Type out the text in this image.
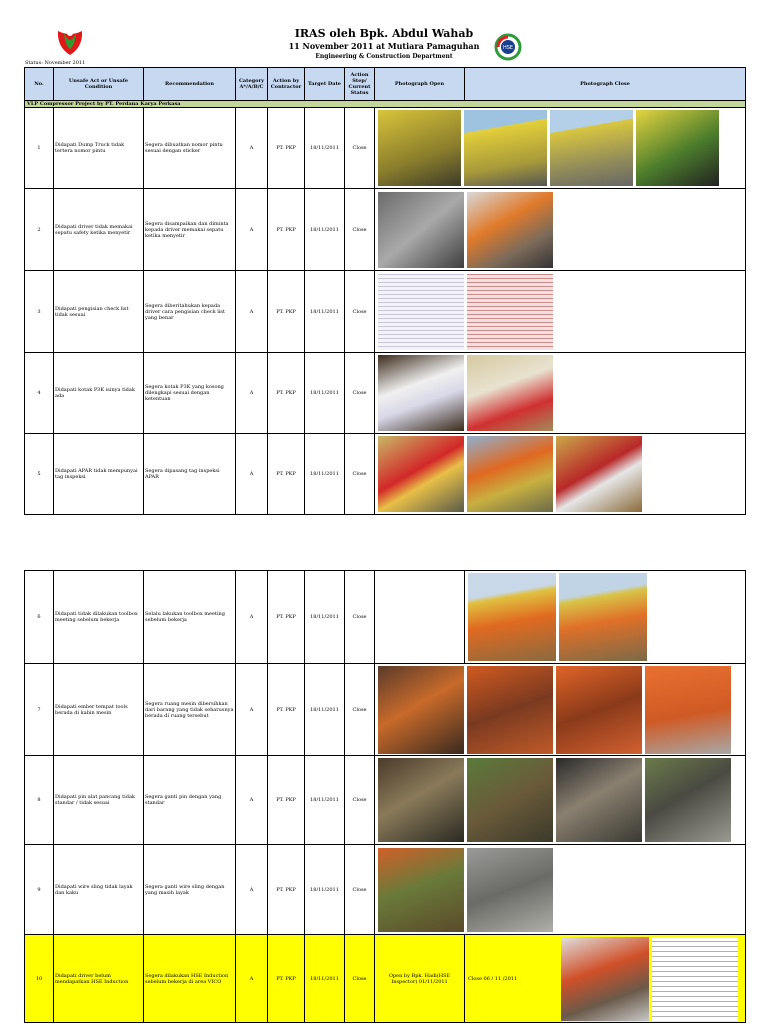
IRAS oleh Bpk. Abdul Wahab
11 November 2011 at Mutiara Pamaguhan
Engineering & Construction Department
HSE
Status: November 2011
No.	Unsafe Act or Unsafe Condition	Recommendation	Category A*/A/B/C	Action by Contractor	Target Date	Action Step/ Current Status	Photograph Open	Photograph Close
VLP Compressor Project by PT. Perdana Karya Perkasa								
1	Didapati Dump Truck tidak tertera nomor pintu	Segera dibuatkan nomor pintu sesuai dengan sticker	A	PT. PKP	18/11/2011	Close		

2	Didapati driver tidak memakai sepatu safety ketika menyetir	Segera disampaikan dan diminta kepada driver memakai sepatu ketika menyetir	A	PT. PKP	18/11/2011	Close		

3	Didapati pengisian check list tidak sesuai	Segera diberitahukan kepada driver cara pengisian check list yang benar	A	PT. PKP	18/11/2011	Close		

4	Didapati kotak P3K isinya tidak ada	Segera kotak P3K yang kosong dilengkapi sesuai dengan ketentuan	A	PT. PKP	18/11/2011	Close		

5	Didapati APAR tidak mempunyai tag inspeksi	Segera dipasang tag inspeksi APAR	A	PT. PKP	18/11/2011	Close		
6	Didapati tidak dilakukan toolbox meeting sebelum bekerja	Selalu lakukan toolbox meeting sebelum bekerja	A	PT. PKP	18/11/2011	Close		

7	Didapati ember tempat tools berada di kabin mesin	Segera ruang mesin dibersihkan dari barang yang tidak seharusnya berada di ruang tersebut	A	PT. PKP	18/11/2011	Close		

8	Didapati pin alat pancang tidak standar / tidak sesuai	Segera ganti pin dengan yang standar	A	PT. PKP	18/11/2011	Close		

9	Didapati wire sling tidak layak dan kaku	Segera ganti wire sling dengan yang masih layak	A	PT. PKP	18/11/2011	Close		

10	Didapati driver belum mendapatkan HSE Induction	Segera dilakukan HSE Induction sebelum bekerja di area VICO	A	PT. PKP	18/11/2011	Close	Open by Bpk. Hadi(HSE Inspector) 01/11/2011	Close 06 / 11 /2011
